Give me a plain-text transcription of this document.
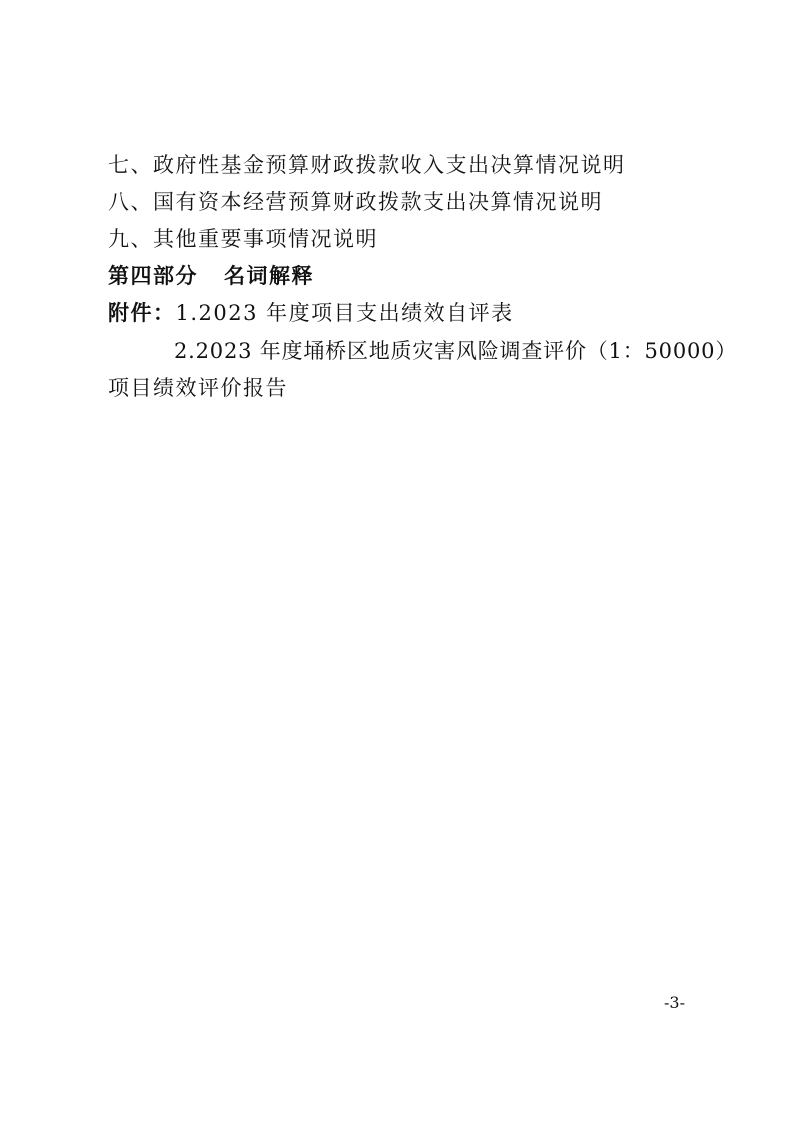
七、政府性基金预算财政拨款收入支出决算情况说明
八、国有资本经营预算财政拨款支出决算情况说明
九、其他重要事项情况说明
第四部分 名词解释
附件：1.2023 年度项目支出绩效自评表
2.2023 年度埇桥区地质灾害风险调查评价（1：50000）
项目绩效评价报告
-3-
